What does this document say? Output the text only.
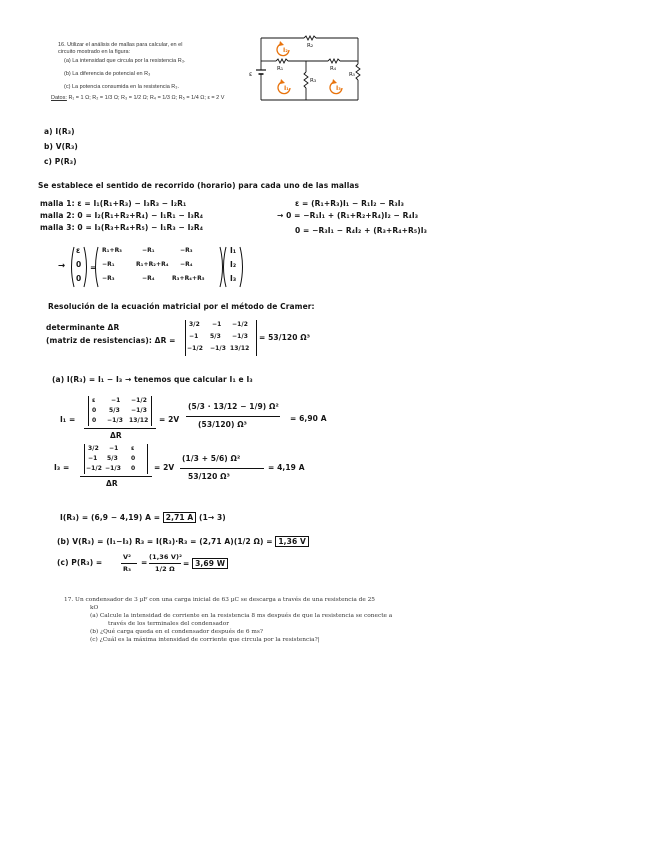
16. Utilizar el análisis de mallas para calcular, en el
circuito mostrado en la figura:
(a) La intensidad que circula por la resistencia R₃.
(b) La diferencia de potencial en R₃
(c) La potencia consumida en la resistencia R₃.
Datos: R₁ = 1 Ω; R₂ = 1/3 Ω; R₃ = 1/2 Ω; R₄ = 1/3 Ω; R₅ = 1/4 Ω; ε = 2 V
R₂
R₁
R₃
R₄
R₅
ε
I₂
I₁	I₃
a) I(R₃)
b) V(R₃)
c) P(R₃)
Se establece el sentido de recorrido (horario) para cada uno de las mallas
malla 1: ε = I₁(R₁+R₃) − I₃R₃ − I₂R₁
malla 2: 0 = I₂(R₁+R₂+R₄) − I₁R₁ − I₃R₄
malla 3: 0 = I₃(R₃+R₄+R₅) − I₁R₃ − I₂R₄
ε = (R₁+R₃)I₁ − R₁I₂ − R₃I₃
→ 0 = −R₁I₁ + (R₁+R₂+R₄)I₂ − R₄I₃
0 = −R₃I₁ − R₄I₂ + (R₃+R₄+R₅)I₃
→	=
ε
0
0
R₁+R₃	−R₁	−R₃
−R₁	R₁+R₂+R₄ −R₄
−R₃	−R₄	R₃+R₄+R₅
I₁
I₂
I₃
Resolución de la ecuación matricial por el método de Cramer:
determinante ΔR
(matriz de resistencias): ΔR =
3/2 −1 −1/2
−1 5/3 −1/3
−1/2 −1/3 13/12
= 53/120 Ω³
(a) I(R₃) = I₁ − I₃ → tenemos que calcular I₁ e I₃
I₁ =
ε	−1 −1/2
0 5/3 −1/3
0 −1/3 13/12
ΔR
= 2V
(5/3 · 13/12 − 1/9) Ω²
(53/120) Ω³
= 6,90 A
I₃ =
3/2 −1 ε
−1 5/3 0
−1/2 −1/3 0
ΔR
= 2V
(1/3 + 5/6) Ω²
53/120 Ω³
= 4,19 A
I(R₃) = (6,9 − 4,19) A = 2,71 A (1→ 3)
(b) V(R₃) = (I₁−I₃) R₃ = I(R₃)·R₃ = (2,71 A)(1/2 Ω) = 1,36 V
(c) P(R₃) =
V²
R₃
=
(1,36 V)²
1/2 Ω
= 3,69 W
17. Un condensador de 3 µF con una carga inicial de 63 µC se descarga a través de una resistencia de 25
kO
(a) Calcule la intensidad de corriente en la resistencia 8 ms después de que la resistencia se conecte a
través de los terminales del condensador
(b) ¿Qué carga queda en el condensador después de 6 ms?
(c) ¿Cuál es la máxima intensidad de corriente que circula por la resistencia?|
